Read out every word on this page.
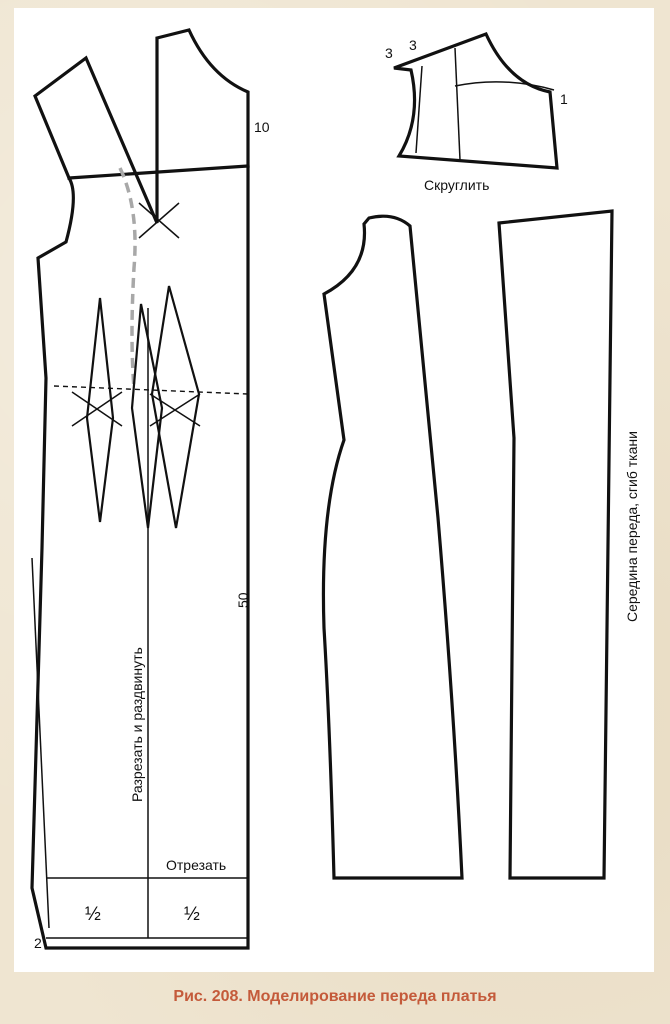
10
50
2
½	½
Разрезать и раздвинуть
Отрезать
3 3
1
Скруглить
Середина переда, сгиб ткани
Рис. 208. Моделирование переда платья
